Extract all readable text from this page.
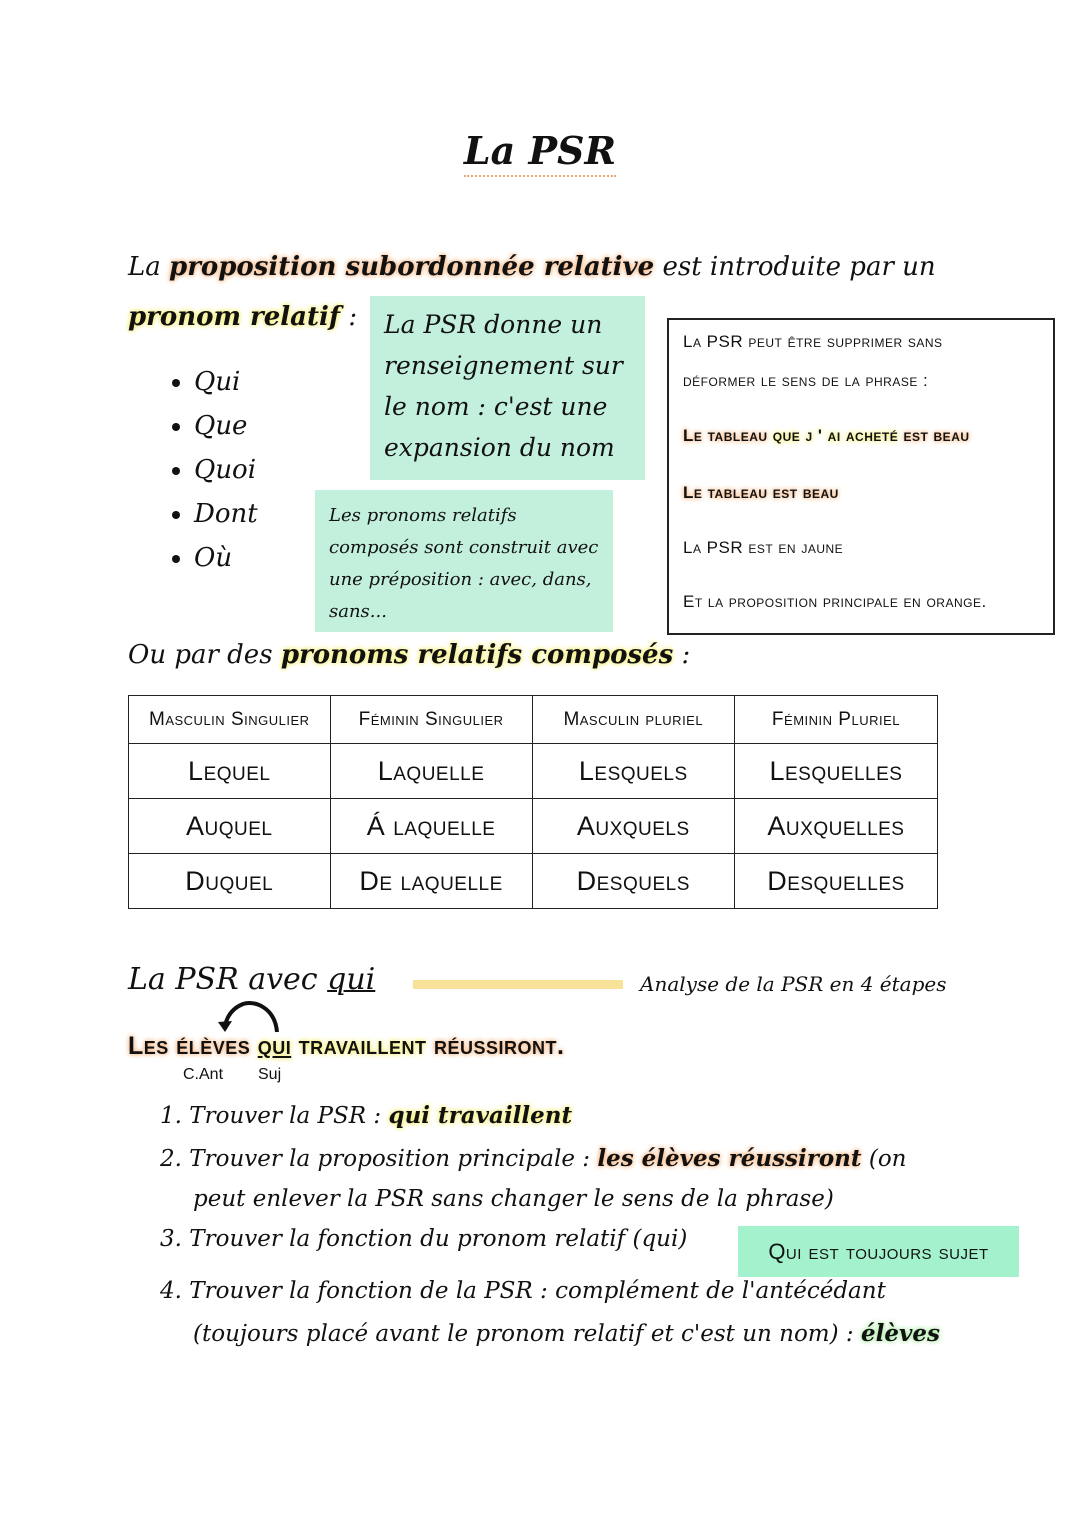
La PSR
La proposition subordonnée relative est introduite par un
pronom relatif :
• Qui
• Que
• Quoi
• Dont
• Où
La PSR donne un renseignement sur le nom : c'est une expansion du nom
Les pronoms relatifs composés sont construit avec une préposition : avec, dans, sans...

La PSR peut être supprimer sans

déformer le sens de la phrase :

Le tableau que j ' ai acheté est beau

Le tableau est beau

La PSR est en jaune

Et la proposition principale en orange.

Ou par des pronoms relatifs composés :
Masculin Singulier	Féminin Singulier	Masculin pluriel	Féminin Pluriel
Lequel	Laquelle	Lesquels	Lesquelles
Auquel	Á laquelle	Auxquels	Auxquelles
Duquel	De laquelle	Desquels	Desquelles
La PSR avec qui	Analyse de la PSR en 4 étapes
Les élèves qui travaillent réussiront.
C.Ant Suj
1. Trouver la PSR : qui travaillent
2. Trouver la proposition principale : les élèves réussiront (on
peut enlever la PSR sans changer le sens de la phrase)
3. Trouver la fonction du pronom relatif (qui)	Qui est toujours sujet
4. Trouver la fonction de la PSR : complément de l'antécédant
(toujours placé avant le pronom relatif et c'est un nom) : élèves
